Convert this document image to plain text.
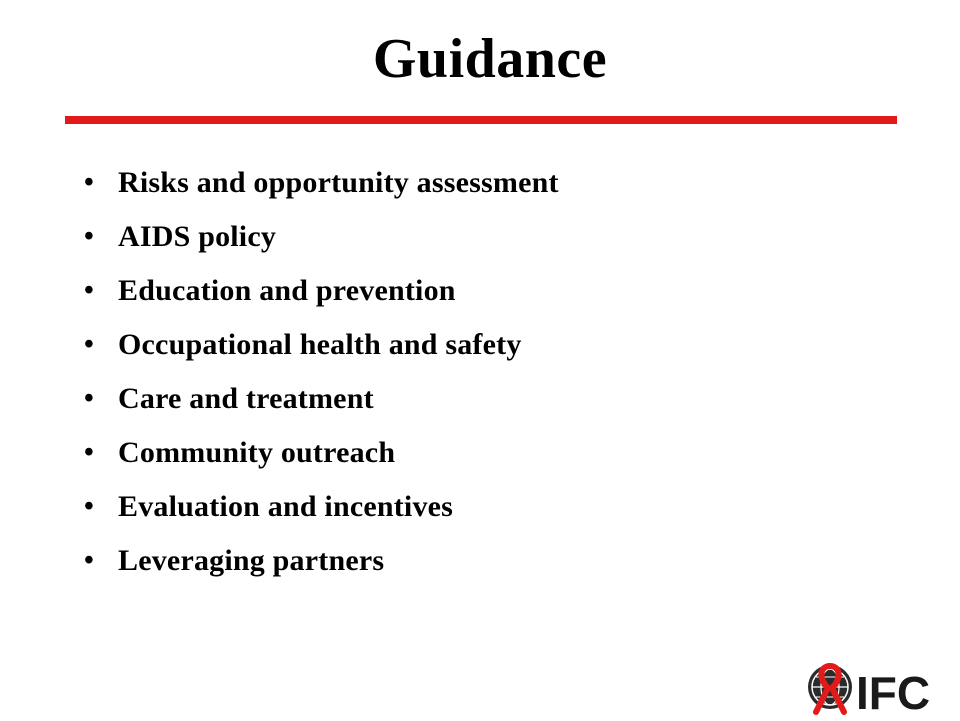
Guidance
• Risks and opportunity assessment
• AIDS policy
• Education and prevention
• Occupational health and safety
• Care and treatment
• Community outreach
• Evaluation and incentives
• Leveraging partners
IFC
